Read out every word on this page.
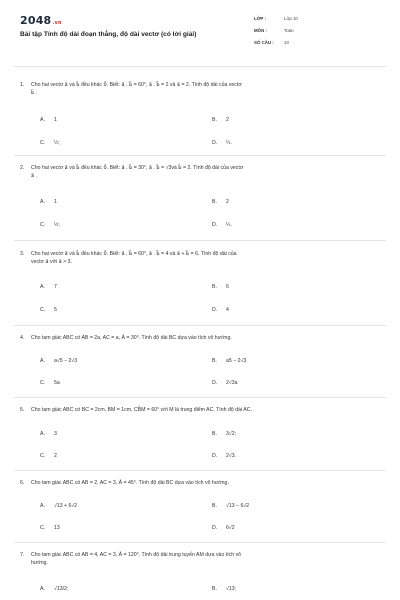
2048.vn
Bài tập Tính độ dài đoạn thẳng, độ dài vectơ (có lời giải)
LỚP :	Lớp 10
MÔN :	Toán
SỐ CÂU :	10
1. Cho hai vectơ a⃗ và b⃗ đều khác 0⃗. Biết: a⃗ , b⃗ = 60°, a⃗ . b⃗ = 2 và a⃗ = 2. Tính độ dài của vectơ
b⃗ .
A. 1	B. 2
C. ½;	D. ¼.
2. Cho hai vectơ a⃗ và b⃗ đều khác 0⃗. Biết: a⃗ , b⃗ = 30°, a⃗ . b⃗ = √3và b⃗ = 2. Tính độ dài của vectơ
a⃗ .
A. 1	B. 2
C. ½;	D. ¼.
3. Cho hai vectơ a⃗ và b⃗ đều khác 0⃗. Biết: a⃗ , b⃗ = 60°, a⃗ . b⃗ = 4 và a⃗ + b⃗ = 6. Tính độ dài của
vectơ a⃗ với a⃗ > 3.
A. 7	B. 6
C. 5	D. 4
4. Cho tam giác ABC có AB = 2a, AC = a, Â = 30°. Tính độ dài BC dựa vào tích vô hướng.
A. a√5 − 2√3	B. a5 − 2√3
C. 5a	D. 2√3a
5. Cho tam giác ABC có BC = 2cm, BM = 1cm, CB̂M = 60° với M là trung điểm AC. Tính độ dài AC.
A. 3	B. 3√2;
C. 2	D. 2√3.
6. Cho tam giác ABC có AB = 2, AC = 3, Â = 45°. Tính độ dài BC dựa vào tích vô hướng.
A. √13 + 6√2	B. √13 − 6√2
C. 13	D. 6√2
7. Cho tam giác ABC có AB = 4, AC = 3, Â = 120°. Tính độ dài trung tuyến AM dựa vào tích vô
hướng.
A. √13/2;	B. √13;
